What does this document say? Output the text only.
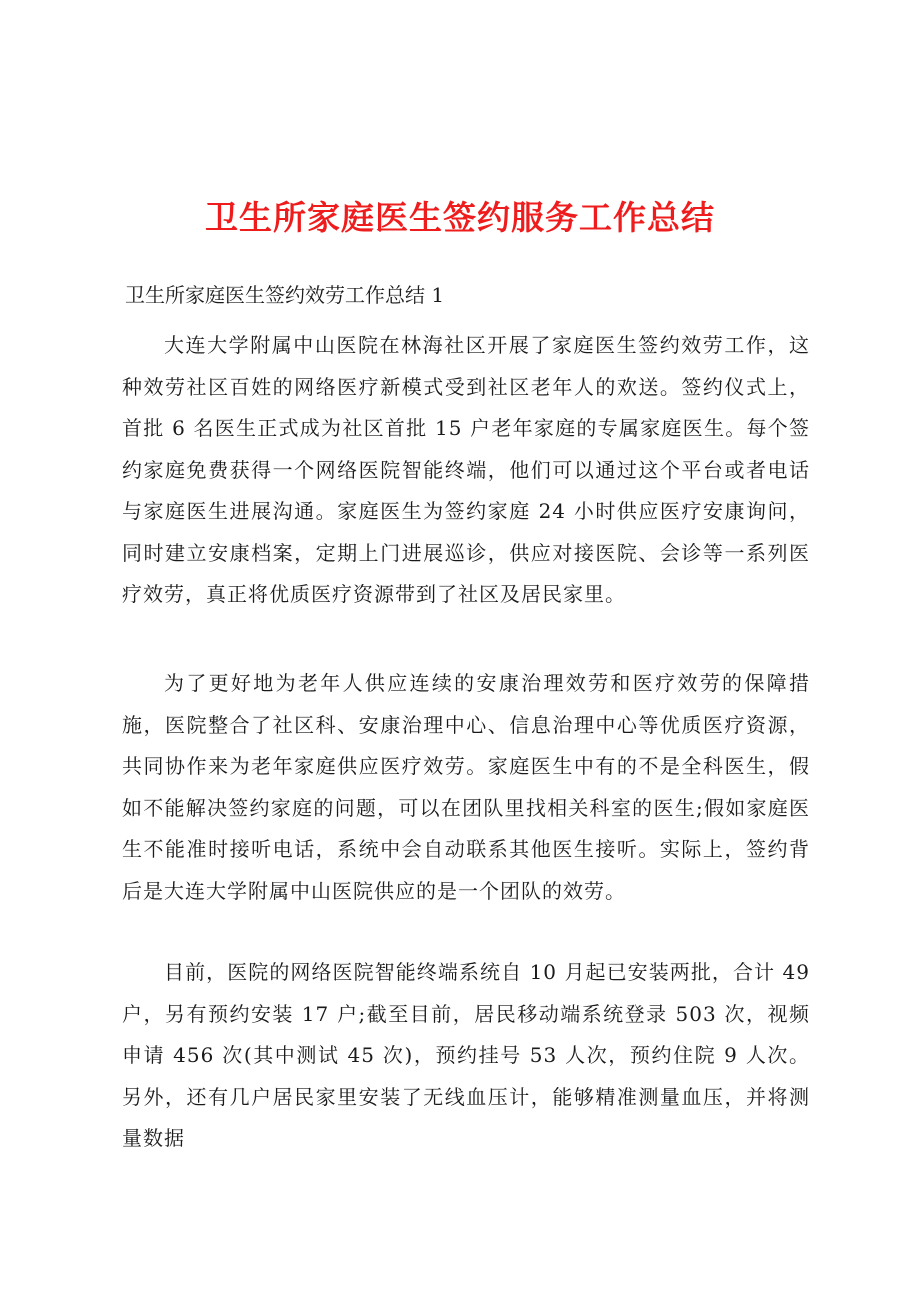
卫生所家庭医生签约服务工作总结
卫生所家庭医生签约效劳工作总结 1

大连大学附属中山医院在林海社区开展了家庭医生签约效劳工作，这种效劳社区百姓的网络医疗新模式受到社区老年人的欢送。签约仪式上，首批 6 名医生正式成为社区首批 15 户老年家庭的专属家庭医生。每个签约家庭免费获得一个网络医院智能终端，他们可以通过这个平台或者电话与家庭医生进展沟通。家庭医生为签约家庭 24 小时供应医疗安康询问，同时建立安康档案，定期上门进展巡诊，供应对接医院、会诊等一系列医疗效劳，真正将优质医疗资源带到了社区及居民家里。

为了更好地为老年人供应连续的安康治理效劳和医疗效劳的保障措施，医院整合了社区科、安康治理中心、信息治理中心等优质医疗资源，共同协作来为老年家庭供应医疗效劳。家庭医生中有的不是全科医生，假如不能解决签约家庭的问题，可以在团队里找相关科室的医生;假如家庭医生不能准时接听电话，系统中会自动联系其他医生接听。实际上，签约背后是大连大学附属中山医院供应的是一个团队的效劳。

目前，医院的网络医院智能终端系统自 10 月起已安装两批，合计 49 户，另有预约安装 17 户;截至目前，居民移动端系统登录 503 次，视频申请 456 次(其中测试 45 次)，预约挂号 53 人次，预约住院 9 人次。另外，还有几户居民家里安装了无线血压计，能够精准测量血压，并将测量数据
